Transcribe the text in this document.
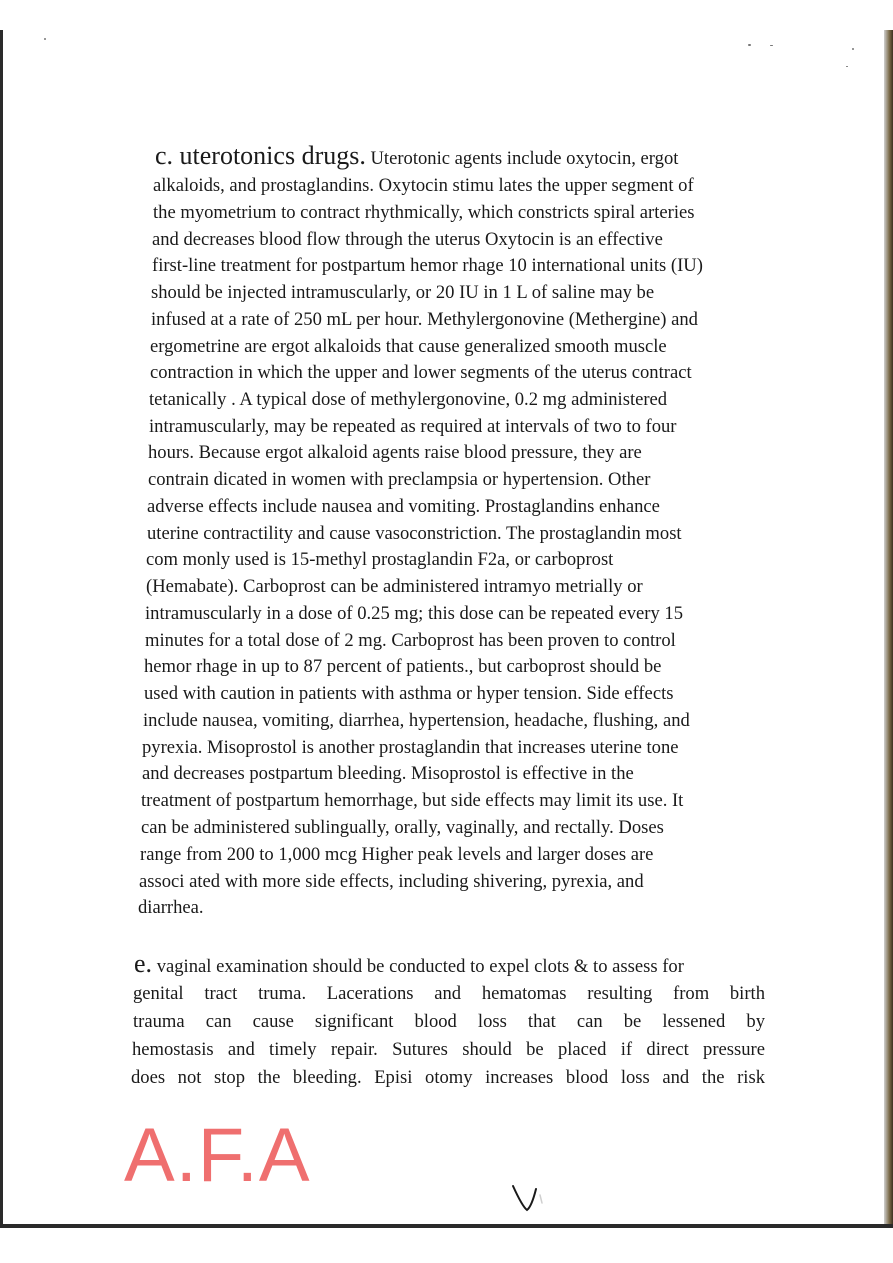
c. uterotonics drugs. Uterotonic agents include oxytocin, ergot
alkaloids, and prostaglandins. Oxytocin stimu lates the upper segment of
the myometrium to contract rhythmically, which constricts spiral arteries
and decreases blood flow through the uterus Oxytocin is an effective
first-line treatment for postpartum hemor rhage 10 international units (IU)
should be injected intramuscularly, or 20 IU in 1 L of saline may be
infused at a rate of 250 mL per hour. Methylergonovine (Methergine) and
ergometrine are ergot alkaloids that cause generalized smooth muscle
contraction in which the upper and lower segments of the uterus contract
tetanically . A typical dose of methylergonovine, 0.2 mg administered
intramuscularly, may be repeated as required at intervals of two to four
hours. Because ergot alkaloid agents raise blood pressure, they are
contrain dicated in women with preclampsia or hypertension. Other
adverse effects include nausea and vomiting. Prostaglandins enhance
uterine contractility and cause vasoconstriction. The prostaglandin most
com monly used is 15-methyl prostaglandin F2a, or carboprost
(Hemabate). Carboprost can be administered intramyo metrially or
intramuscularly in a dose of 0.25 mg; this dose can be repeated every 15
minutes for a total dose of 2 mg. Carboprost has been proven to control
hemor rhage in up to 87 percent of patients., but carboprost should be
used with caution in patients with asthma or hyper tension. Side effects
include nausea, vomiting, diarrhea, hypertension, headache, flushing, and
pyrexia. Misoprostol is another prostaglandin that increases uterine tone
and decreases postpartum bleeding. Misoprostol is effective in the
treatment of postpartum hemorrhage, but side effects may limit its use. It
can be administered sublingually, orally, vaginally, and rectally. Doses
range from 200 to 1,000 mcg Higher peak levels and larger doses are
associ ated with more side effects, including shivering, pyrexia, and
diarrhea.
e. vaginal examination should be conducted to expel clots & to assess for
genital tract truma. Lacerations and hematomas resulting from birth
trauma can cause significant blood loss that can be lessened by
hemostasis and timely repair. Sutures should be placed if direct pressure
does not stop the bleeding. Episi otomy increases blood loss and the risk
A.F.A
